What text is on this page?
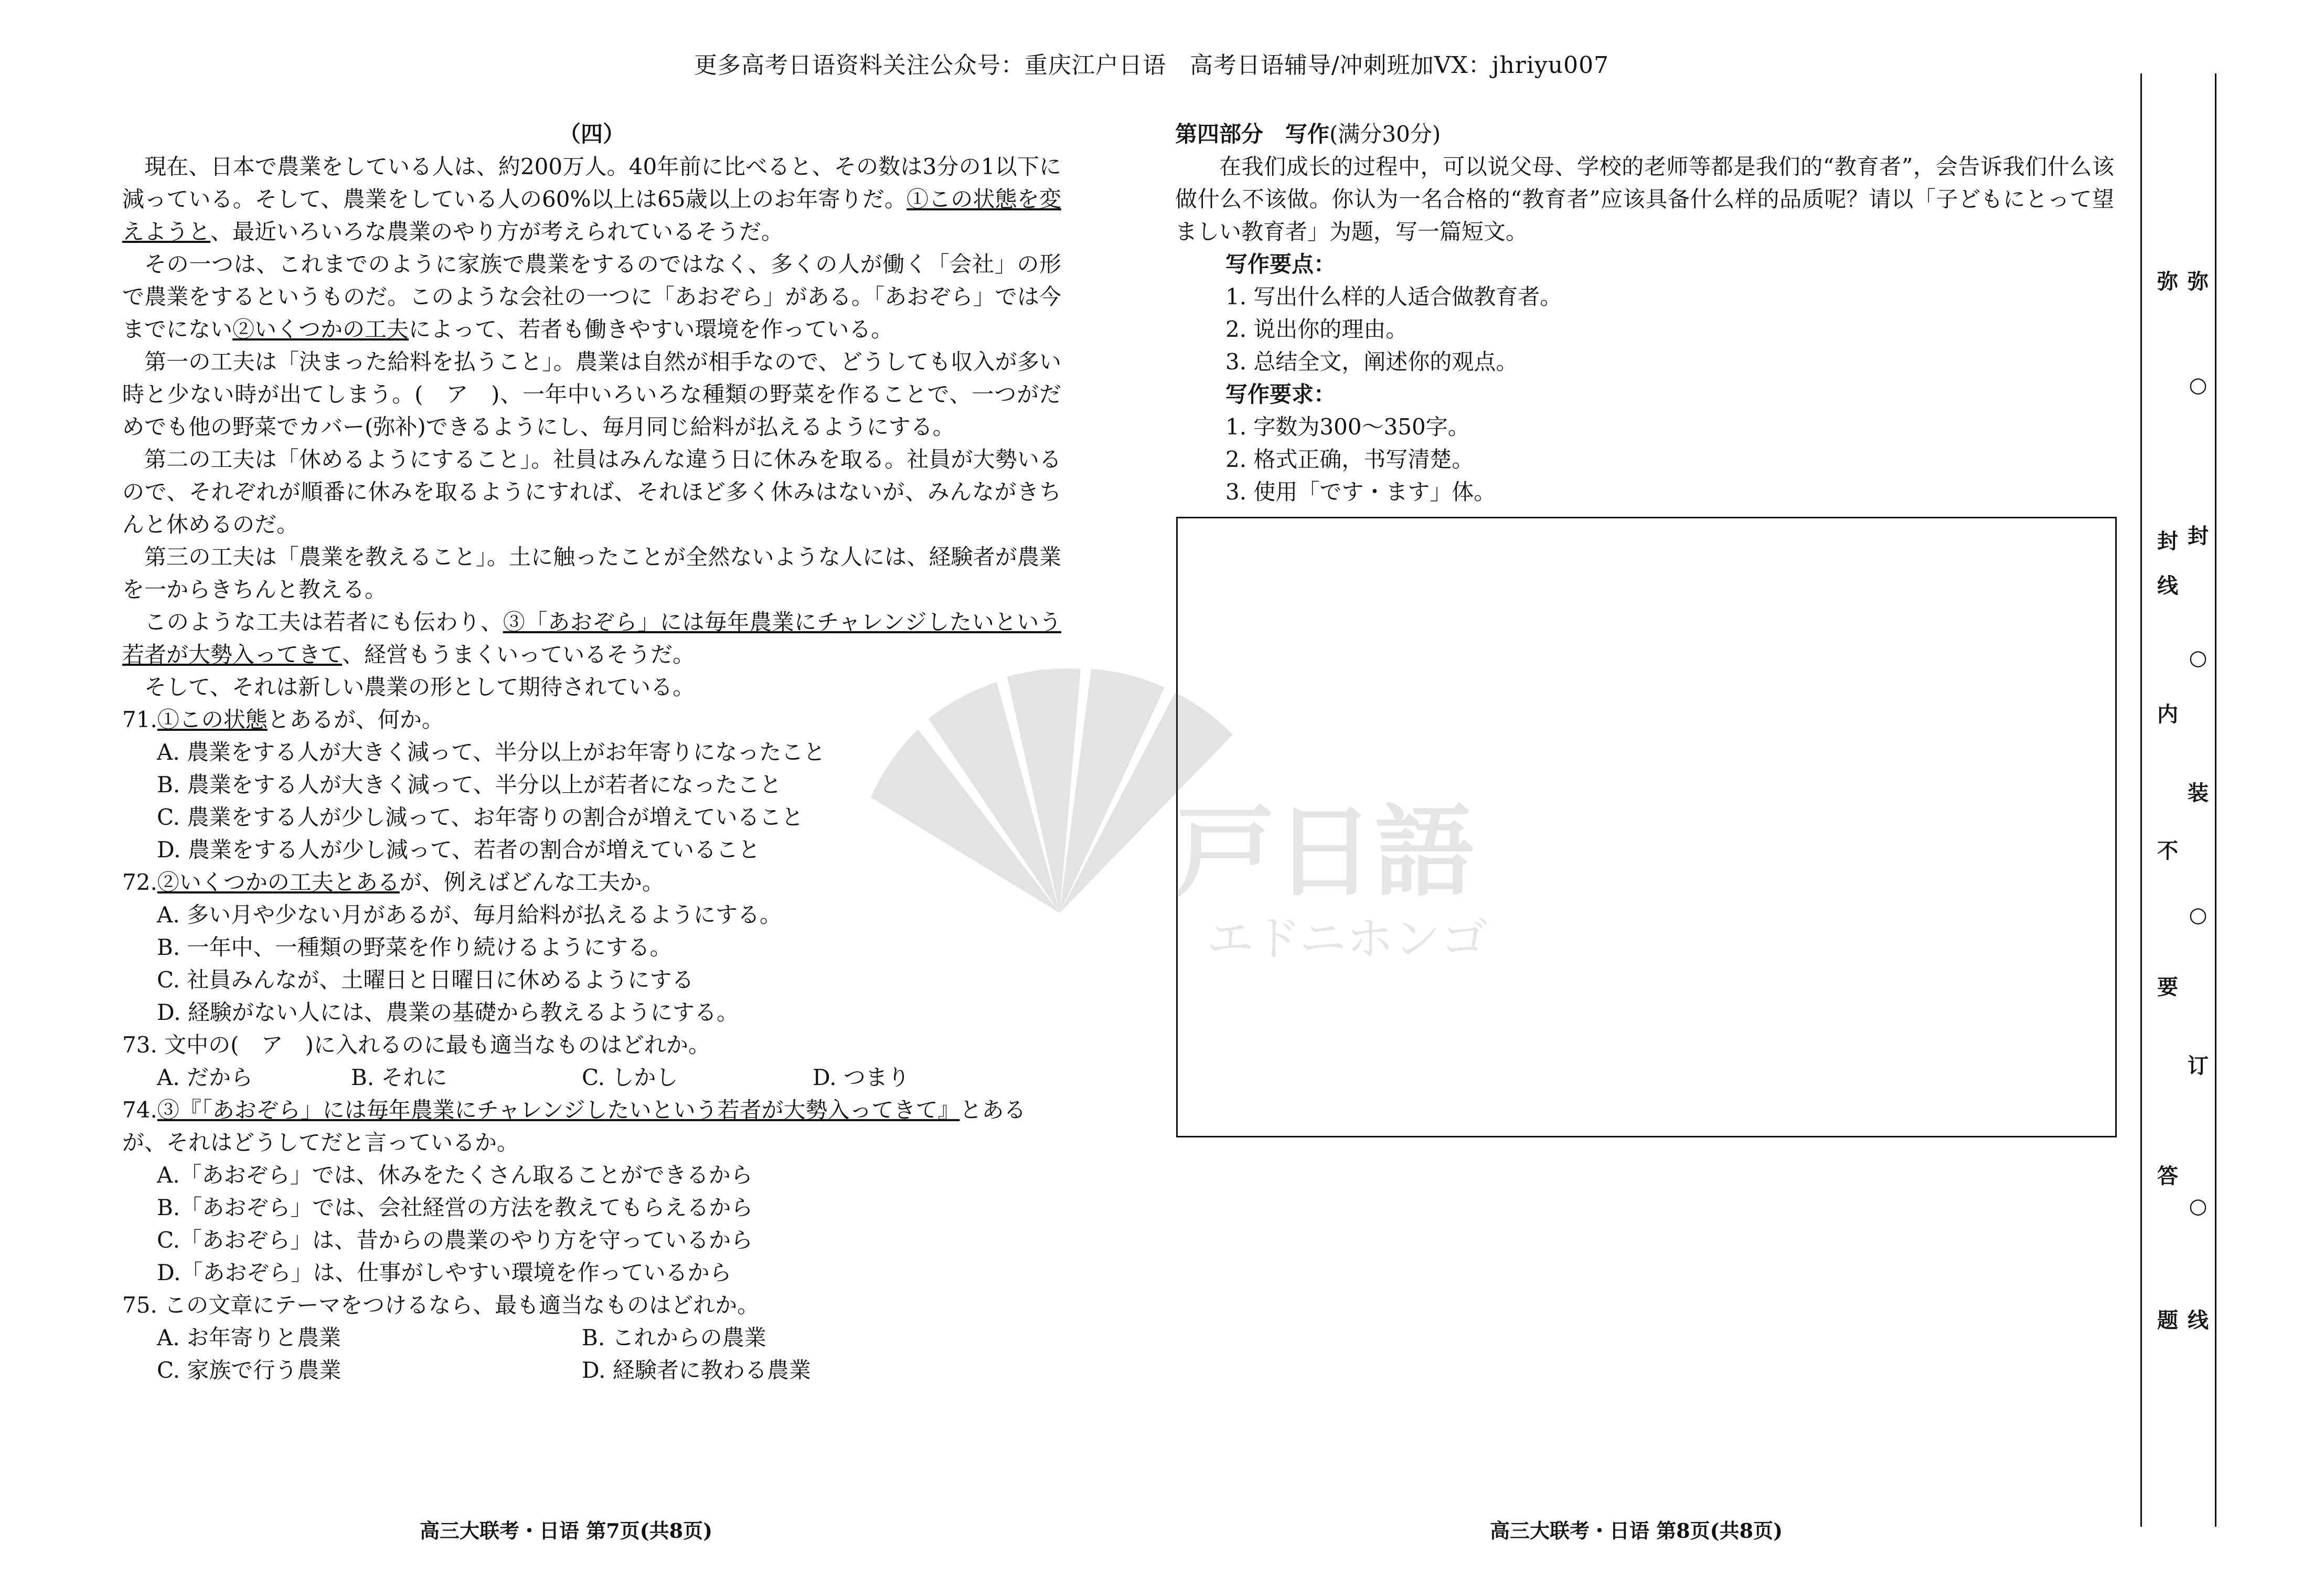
更多高考日语资料关注公众号：重庆江户日语　高考日语辅导/冲刺班加VX：jhriyu007
（四）

現在、日本で農業をしている人は、約200万人。40年前に比べると、その数は3分の1以下に減っている。そして、農業をしている人の60%以上は65歳以上のお年寄りだ。①この状態を変えようと、最近いろいろな農業のやり方が考えられているそうだ。

その一つは、これまでのように家族で農業をするのではなく、多くの人が働く「会社」の形で農業をするというものだ。このような会社の一つに「あおぞら」がある。「あおぞら」では今までにない②いくつかの工夫によって、若者も働きやすい環境を作っている。

第一の工夫は「決まった給料を払うこと」。農業は自然が相手なので、どうしても収入が多い時と少ない時が出てしまう。(　ア　)、一年中いろいろな種類の野菜を作ることで、一つがだめでも他の野菜でカバー(弥补)できるようにし、毎月同じ給料が払えるようにする。

第二の工夫は「休めるようにすること」。社員はみんな違う日に休みを取る。社員が大勢いるので、それぞれが順番に休みを取るようにすれば、それほど多く休みはないが、みんながきちんと休めるのだ。

第三の工夫は「農業を教えること」。土に触ったことが全然ないような人には、経験者が農業を一からきちんと教える。

このような工夫は若者にも伝わり、③「あおぞら」には毎年農業にチャレンジしたいという若者が大勢入ってきて、経営もうまくいっているそうだ。

そして、それは新しい農業の形として期待されている。

71.①この状態とあるが、何か。

A. 農業をする人が大きく減って、半分以上がお年寄りになったこと

B. 農業をする人が大きく減って、半分以上が若者になったこと

C. 農業をする人が少し減って、お年寄りの割合が増えていること

D. 農業をする人が少し減って、若者の割合が増えていること

72.②いくつかの工夫とあるが、例えばどんな工夫か。

A. 多い月や少ない月があるが、毎月給料が払えるようにする。

B. 一年中、一種類の野菜を作り続けるようにする。

C. 社員みんなが、土曜日と日曜日に休めるようにする

D. 経験がない人には、農業の基礎から教えるようにする。

73. 文中の(　ア　)に入れるのに最も適当なものはどれか。

A. だから	B. それに	C. しかし	D. つまり

74.③『「あおぞら」には毎年農業にチャレンジしたいという若者が大勢入ってきて』とあるが、それはどうしてだと言っているか。

A.「あおぞら」では、休みをたくさん取ることができるから

B.「あおぞら」では、会社経営の方法を教えてもらえるから

C.「あおぞら」は、昔からの農業のやり方を守っているから

D.「あおぞら」は、仕事がしやすい環境を作っているから

75. この文章にテーマをつけるなら、最も適当なものはどれか。

A. お年寄りと農業	B. これからの農業
C. 家族で行う農業	D. 経験者に教わる農業
第四部分　写作(满分30分)

在我们成长的过程中，可以说父母、学校的老师等都是我们的“教育者”，会告诉我们什么该做什么不该做。你认为一名合格的“教育者”应该具备什么样的品质呢？请以「子どもにとって望ましい教育者」为题，写一篇短文。

写作要点：
1. 写出什么样的人适合做教育者。
2. 说出你的理由。
3. 总结全文，阐述你的观点。
写作要求：
1. 字数为300～350字。
2. 格式正确，书写清楚。
3. 使用「です・ます」体。
戸日語
エドニホンゴ
高三大联考・日语 第7页(共8页)	高三大联考・日语 第8页(共8页)
弥
封
线
内
不
要
答
题
弥
○
封
○
装
○
订
○
线
